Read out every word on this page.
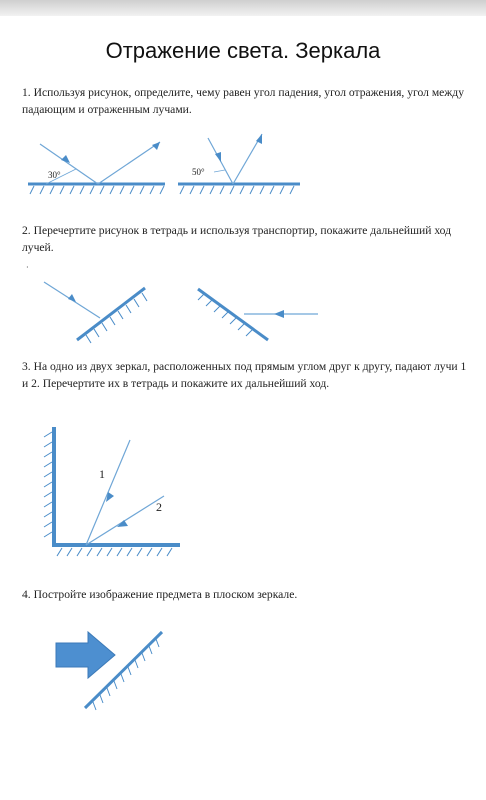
Отражение света. Зеркала
1. Используя рисунок, определите, чему равен угол падения, угол отражения, угол между падающим и отраженным лучами.
30°	50°
2. Перечертите рисунок в тетрадь и используя транспортир, покажите дальнейший ход лучей.
·
3. На одно из двух зеркал, расположенных под прямым углом друг к другу, падают лучи 1 и 2. Перечертите их в тетрадь и покажите их дальнейший ход.
1
2
4. Постройте изображение предмета в плоском зеркале.
